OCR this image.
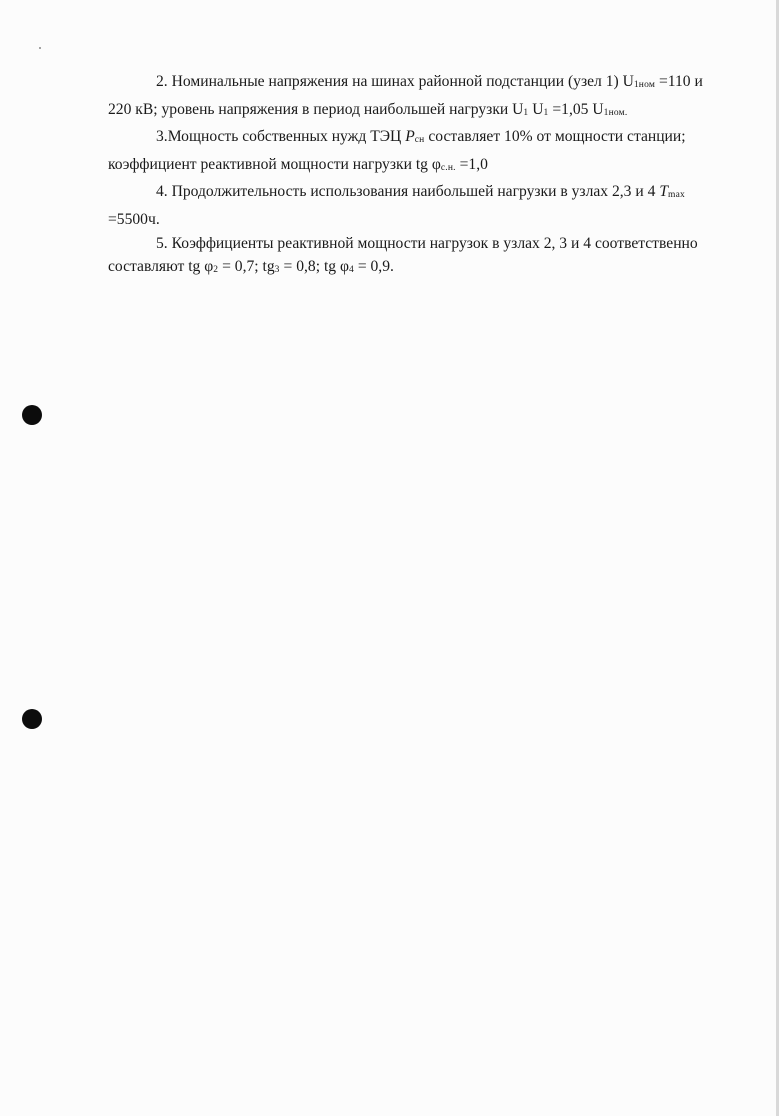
2. Номинальные напряжения на шинах районной подстанции (узел 1) U1ном =110 и 220 кВ; уровень напряжения в период наибольшей нагрузки U1 U1 =1,05 U1ном.

3.Мощность собственных нужд ТЭЦ Pсн составляет 10% от мощности станции; коэффициент реактивной мощности нагрузки tg φс.н. =1,0

4. Продолжительность использования наибольшей нагрузки в узлах 2,3 и 4 Tmax =5500ч.

5. Коэффициенты реактивной мощности нагрузок в узлах 2, 3 и 4 соответственно составляют tg φ2 = 0,7; tg3 = 0,8; tg φ4 = 0,9.
